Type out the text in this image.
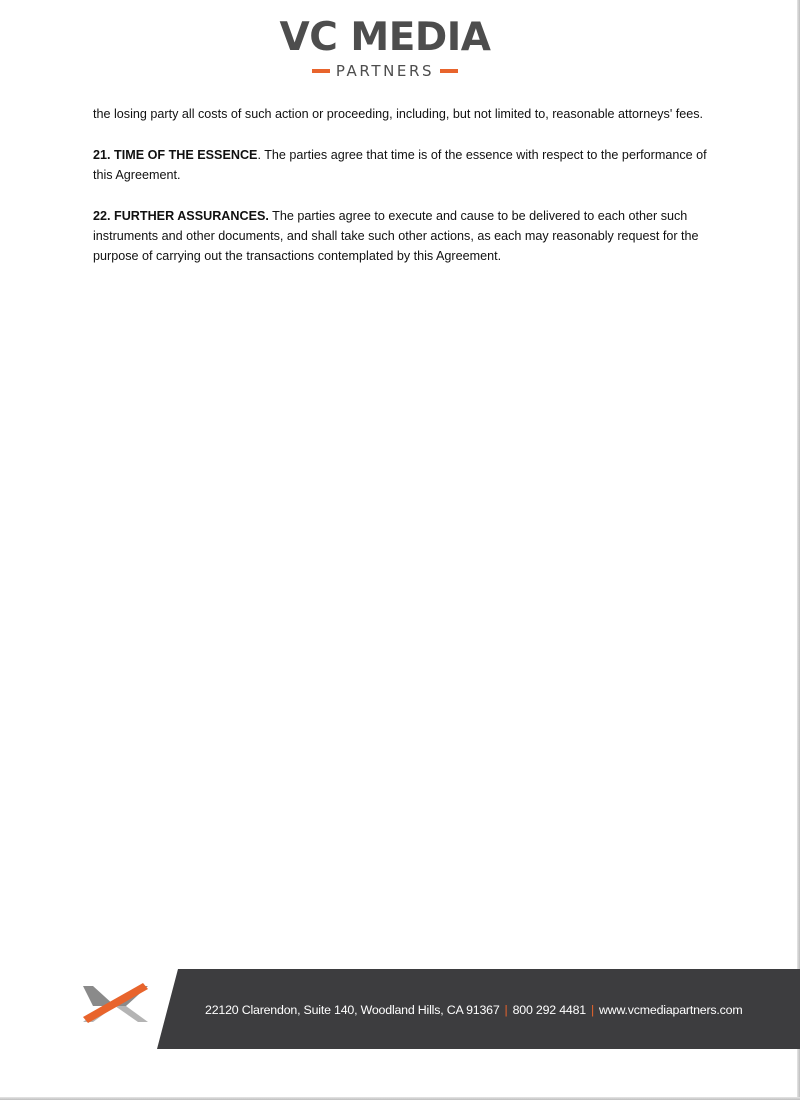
VC MEDIA
PARTNERS

the losing party all costs of such action or proceeding, including, but not limited to, reasonable attorneys' fees.

21. TIME OF THE ESSENCE. The parties agree that time is of the essence with respect to the performance of this Agreement.

22. FURTHER ASSURANCES. The parties agree to execute and cause to be delivered to each other such instruments and other documents, and shall take such other actions, as each may reasonably request for the purpose of carrying out the transactions contemplated by this Agreement.

22120 Clarendon, Suite 140, Woodland Hills, CA 91367 | 800 292 4481 | www.vcmediapartners.com
